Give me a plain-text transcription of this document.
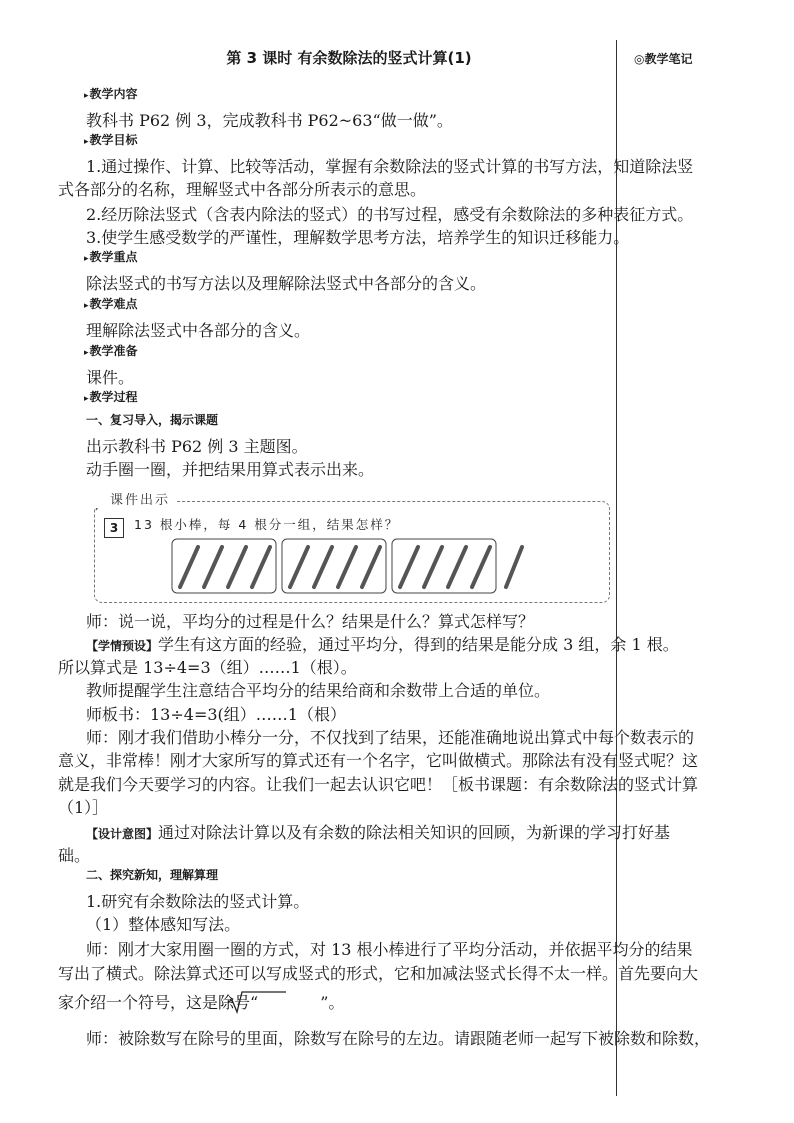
◎教学笔记
第 3 课时 有余数除法的竖式计算(1)
▸ 教学内容
教科书 P62 例 3，完成教科书 P62~63“做一做”。
▸ 教学目标
1.通过操作、计算、比较等活动，掌握有余数除法的竖式计算的书写方法，知道除法竖
式各部分的名称，理解竖式中各部分所表示的意思。
2.经历除法竖式（含表内除法的竖式）的书写过程，感受有余数除法的多种表征方式。
3.使学生感受数学的严谨性，理解数学思考方法，培养学生的知识迁移能力。
▸ 教学重点
除法竖式的书写方法以及理解除法竖式中各部分的含义。
▸ 教学难点
理解除法竖式中各部分的含义。
▸ 教学准备
课件。
▸ 教学过程
一、复习导入，揭示课题
出示教科书 P62 例 3 主题图。
动手圈一圈，并把结果用算式表示出来。
课件出示
3	13 根小棒，每 4 根分一组，结果怎样？
师：说一说，平均分的过程是什么？结果是什么？算式怎样写？
【学情预设】学生有这方面的经验，通过平均分，得到的结果是能分成 3 组，余 1 根。
所以算式是 13÷4=3（组）……1（根）。
教师提醒学生注意结合平均分的结果给商和余数带上合适的单位。
师板书：13÷4=3(组）……1（根）
师：刚才我们借助小棒分一分，不仅找到了结果，还能准确地说出算式中每个数表示的
意义，非常棒！刚才大家所写的算式还有一个名字，它叫做横式。那除法有没有竖式呢？这
就是我们今天要学习的内容。让我们一起去认识它吧！［板书课题：有余数除法的竖式计算
（1）］
【设计意图】通过对除法计算以及有余数的除法相关知识的回顾，为新课的学习打好基
础。
二、探究新知，理解算理
1.研究有余数除法的竖式计算。
（1）整体感知写法。
师：刚才大家用圈一圈的方式，对 13 根小棒进行了平均分活动，并依据平均分的结果
写出了横式。除法算式还可以写成竖式的形式，它和加减法竖式长得不太一样。首先要向大
家介绍一个符号，这是除号“	”。
师：被除数写在除号的里面，除数写在除号的左边。请跟随老师一起写下被除数和除数，
